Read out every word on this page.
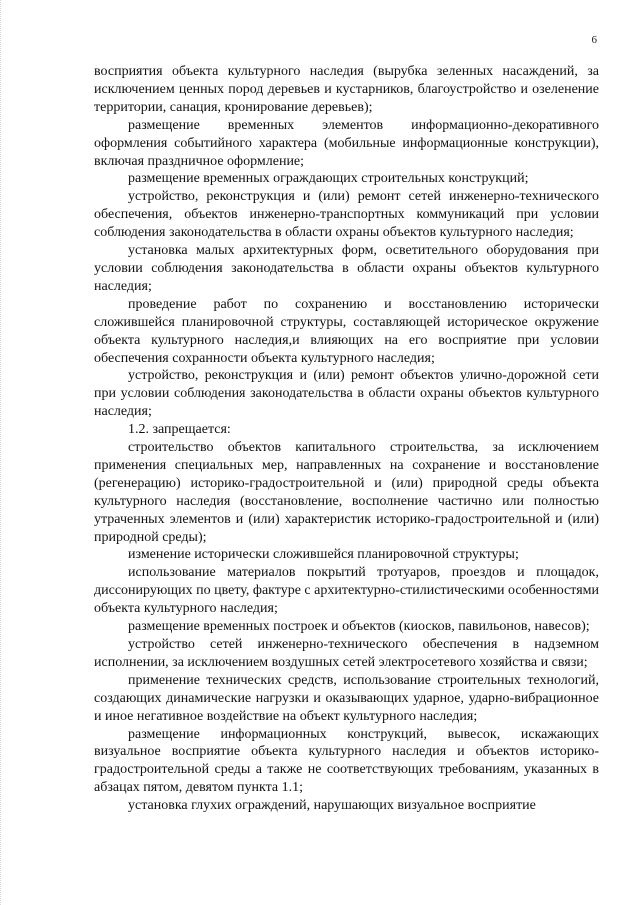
6

восприятия объекта культурного наследия (вырубка зеленных насаждений, за исключением ценных пород деревьев и кустарников, благоустройство и озеленение территории, санация, кронирование деревьев);

размещение временных элементов информационно-декоративного оформления событийного характера (мобильные информационные конструкции), включая праздничное оформление;

размещение временных ограждающих строительных конструкций;

устройство, реконструкция и (или) ремонт сетей инженерно-технического обеспечения, объектов инженерно-транспортных коммуникаций при условии соблюдения законодательства в области охраны объектов культурного наследия;

установка малых архитектурных форм, осветительного оборудования при условии соблюдения законодательства в области охраны объектов культурного наследия;

проведение работ по сохранению и восстановлению исторически сложившейся планировочной структуры, составляющей историческое окружение объекта культурного наследия,и влияющих на его восприятие при условии обеспечения сохранности объекта культурного наследия;

устройство, реконструкция и (или) ремонт объектов улично-дорожной сети при условии соблюдения законодательства в области охраны объектов культурного наследия;

1.2. запрещается:

строительство объектов капитального строительства, за исключением применения специальных мер, направленных на сохранение и восстановление (регенерацию) историко-градостроительной и (или) природной среды объекта культурного наследия (восстановление, восполнение частично или полностью утраченных элементов и (или) характеристик историко-градостроительной и (или) природной среды);

изменение исторически сложившейся планировочной структуры;

использование материалов покрытий тротуаров, проездов и площадок, диссонирующих по цвету, фактуре с архитектурно-стилистическими особенностями объекта культурного наследия;

размещение временных построек и объектов (киосков, павильонов, навесов);

устройство сетей инженерно-технического обеспечения в надземном исполнении, за исключением воздушных сетей электросетевого хозяйства и связи;

применение технических средств, использование строительных технологий, создающих динамические нагрузки и оказывающих ударное, ударно-вибрационное и иное негативное воздействие на объект культурного наследия;

размещение информационных конструкций, вывесок, искажающих визуальное восприятие объекта культурного наследия и объектов историко-градостроительной среды а также не соответствующих требованиям, указанных в абзацах пятом, девятом пункта 1.1;

установка глухих ограждений, нарушающих визуальное восприятие
